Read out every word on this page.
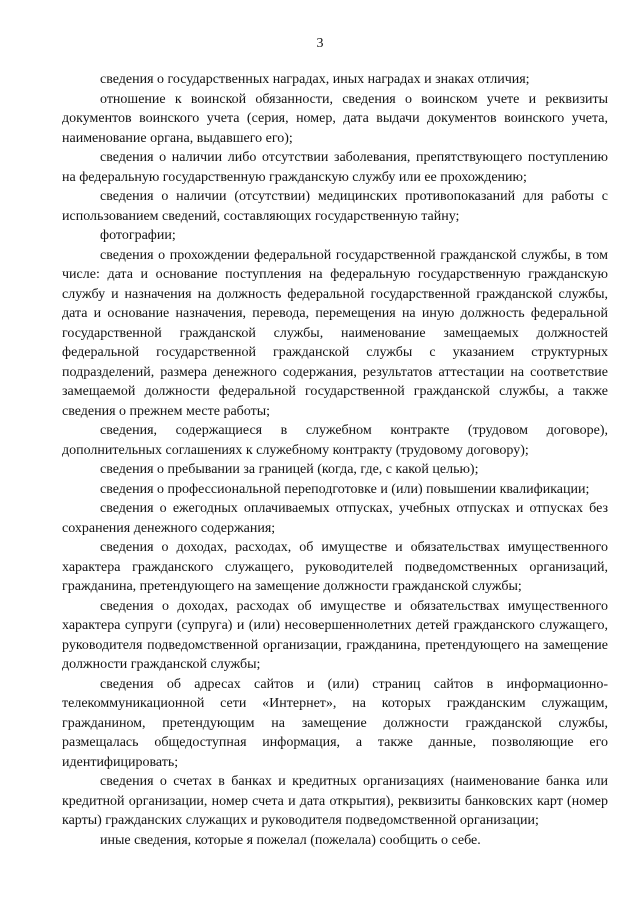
3

сведения о государственных наградах, иных наградах и знаках отличия;

отношение к воинской обязанности, сведения о воинском учете и реквизиты документов воинского учета (серия, номер, дата выдачи документов воинского учета, наименование органа, выдавшего его);

сведения о наличии либо отсутствии заболевания, препятствующего поступлению на федеральную государственную гражданскую службу или ее прохождению;

сведения о наличии (отсутствии) медицинских противопоказаний для работы с использованием сведений, составляющих государственную тайну;

фотографии;

сведения о прохождении федеральной государственной гражданской службы, в том числе: дата и основание поступления на федеральную государственную гражданскую службу и назначения на должность федеральной государственной гражданской службы, дата и основание назначения, перевода, перемещения на иную должность федеральной государственной гражданской службы, наименование замещаемых должностей федеральной государственной гражданской службы с указанием структурных подразделений, размера денежного содержания, результатов аттестации на соответствие замещаемой должности федеральной государственной гражданской службы, а также сведения о прежнем месте работы;

сведения, содержащиеся в служебном контракте (трудовом договоре), дополнительных соглашениях к служебному контракту (трудовому договору);

сведения о пребывании за границей (когда, где, с какой целью);

сведения о профессиональной переподготовке и (или) повышении квалификации;

сведения о ежегодных оплачиваемых отпусках, учебных отпусках и отпусках без сохранения денежного содержания;

сведения о доходах, расходах, об имуществе и обязательствах имущественного характера гражданского служащего, руководителей подведомственных организаций, гражданина, претендующего на замещение должности гражданской службы;

сведения о доходах, расходах об имуществе и обязательствах имущественного характера супруги (супруга) и (или) несовершеннолетних детей гражданского служащего, руководителя подведомственной организации, гражданина, претендующего на замещение должности гражданской службы;

сведения об адресах сайтов и (или) страниц сайтов в информационно-телекоммуникационной сети «Интернет», на которых гражданским служащим, гражданином, претендующим на замещение должности гражданской службы, размещалась общедоступная информация, а также данные, позволяющие его идентифицировать;

сведения о счетах в банках и кредитных организациях (наименование банка или кредитной организации, номер счета и дата открытия), реквизиты банковских карт (номер карты) гражданских служащих и руководителя подведомственной организации;

иные сведения, которые я пожелал (пожелала) сообщить о себе.
